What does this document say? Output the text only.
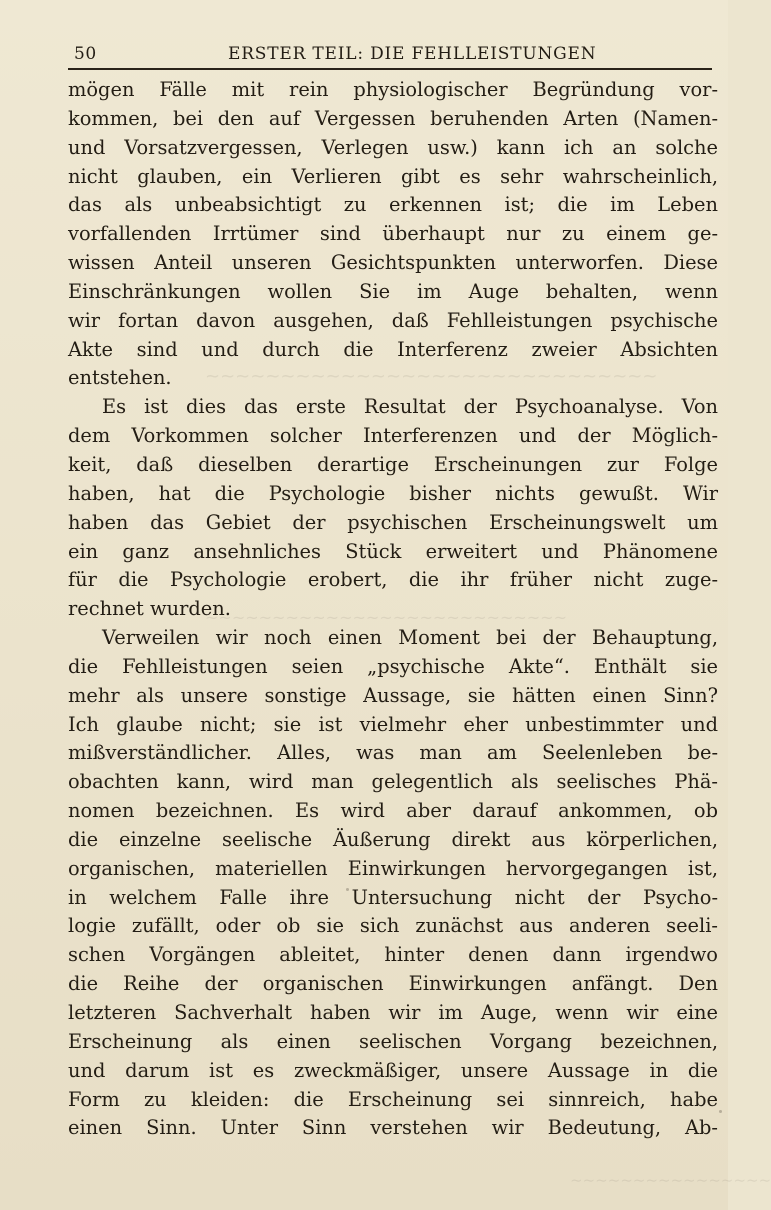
~~~~~~~~~~~~~~~~~~~~~~~~~~~~~~
~~~~~~~~~~~~~~~~~~~~~~~~~~~
~~~~~~~~~~~~~~~~
50	ERSTER TEIL: DIE FEHLLEISTUNGEN
mögen Fälle mit rein physiologischer Begründung vor-
kommen, bei den auf Vergessen beruhenden Arten (Namen-
und Vorsatzvergessen, Verlegen usw.) kann ich an solche
nicht glauben, ein Verlieren gibt es sehr wahrscheinlich,
das als unbeabsichtigt zu erkennen ist; die im Leben
vorfallenden Irrtümer sind überhaupt nur zu einem ge-
wissen Anteil unseren Gesichtspunkten unterworfen. Diese
Einschränkungen wollen Sie im Auge behalten, wenn
wir fortan davon ausgehen, daß Fehlleistungen psychische
Akte sind und durch die Interferenz zweier Absichten
entstehen.
Es ist dies das erste Resultat der Psychoanalyse. Von
dem Vorkommen solcher Interferenzen und der Möglich-
keit, daß dieselben derartige Erscheinungen zur Folge
haben, hat die Psychologie bisher nichts gewußt. Wir
haben das Gebiet der psychischen Erscheinungswelt um
ein ganz ansehnliches Stück erweitert und Phänomene
für die Psychologie erobert, die ihr früher nicht zuge-
rechnet wurden.
Verweilen wir noch einen Moment bei der Behauptung,
die Fehlleistungen seien „psychische Akte“. Enthält sie
mehr als unsere sonstige Aussage, sie hätten einen Sinn?
Ich glaube nicht; sie ist vielmehr eher unbestimmter und
mißverständlicher. Alles, was man am Seelenleben be-
obachten kann, wird man gelegentlich als seelisches Phä-
nomen bezeichnen. Es wird aber darauf ankommen, ob
die einzelne seelische Äußerung direkt aus körperlichen,
organischen, materiellen Einwirkungen hervorgegangen ist,
in welchem Falle ihre Untersuchung nicht der Psycho-
logie zufällt, oder ob sie sich zunächst aus anderen seeli-
schen Vorgängen ableitet, hinter denen dann irgendwo
die Reihe der organischen Einwirkungen anfängt. Den
letzteren Sachverhalt haben wir im Auge, wenn wir eine
Erscheinung als einen seelischen Vorgang bezeichnen,
und darum ist es zweckmäßiger, unsere Aussage in die
Form zu kleiden: die Erscheinung sei sinnreich, habe
einen Sinn. Unter Sinn verstehen wir Bedeutung, Ab-
